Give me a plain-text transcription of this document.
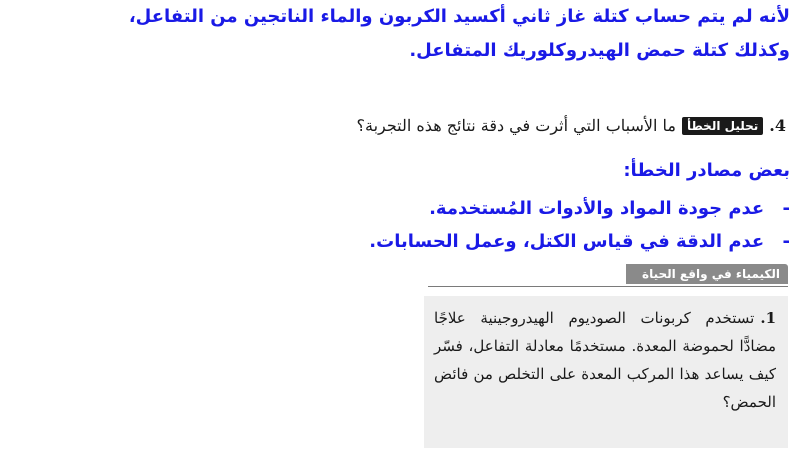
لأنه لم يتم حساب كتلة غاز ثاني أكسيد الكربون والماء الناتجين من التفاعل،

وكذلك كتلة حمض الهيدروكلوريك المتفاعل.

4.
تحليل الخطأ
ما الأسباب التي أثرت في دقة نتائج هذه التجربة؟

بعض مصادر الخطأ:

- عدم جودة المواد والأدوات المُستخدمة.
- عدم الدقة في قياس الكتل، وعمل الحسابات.
الكيمياء في واقع الحياة

1.تستخدم كربونات الصوديوم الهيدروجينية علاجًا مضادًّا لحموضة المعدة. مستخدمًا معادلة التفاعل، فسّر كيف يساعد هذا المركب المعدة على التخلص من فائض الحمض؟
